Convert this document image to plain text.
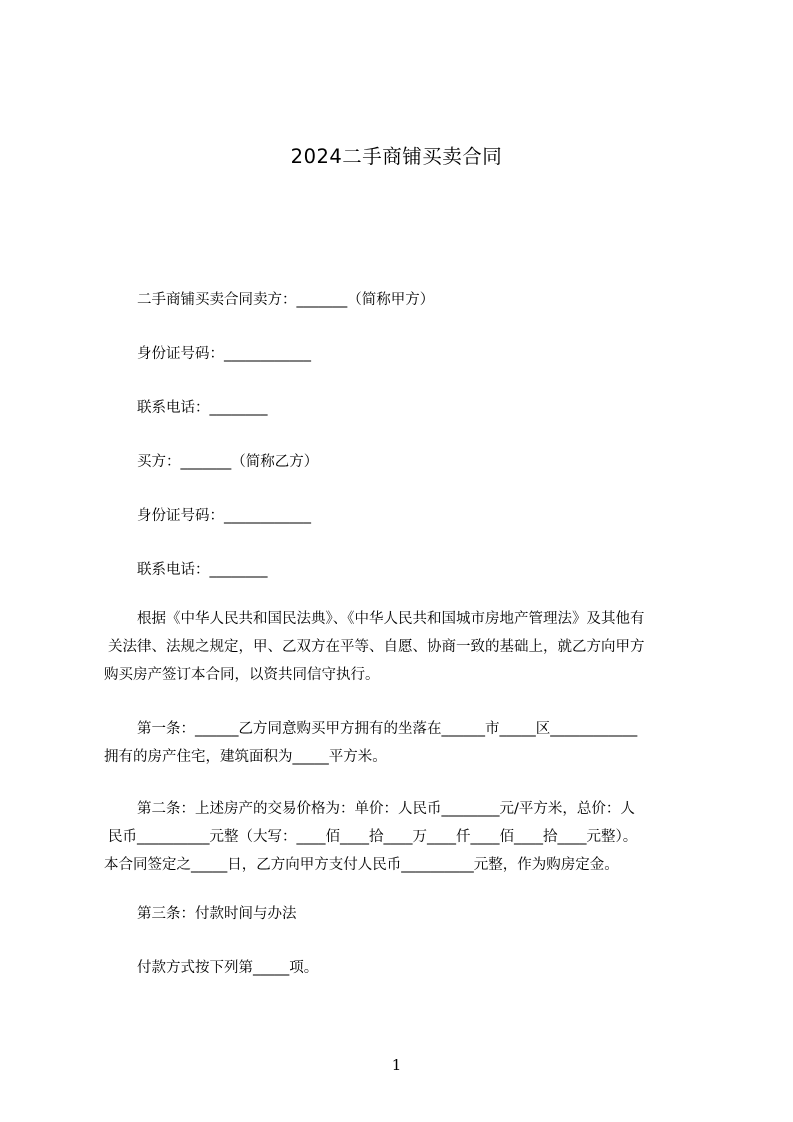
2024二手商铺买卖合同
二手商铺买卖合同卖方：_______（简称甲方）
身份证号码：____________
联系电话：________
买方：_______（简称乙方）
身份证号码：____________
联系电话：________
根据《中华人民共和国民法典》、《中华人民共和国城市房地产管理法》及其他有
关法律、法规之规定，甲、乙双方在平等、自愿、协商一致的基础上，就乙方向甲方
购买房产签订本合同，以资共同信守执行。
第一条：______乙方同意购买甲方拥有的坐落在______市_____区____________
拥有的房产住宅，建筑面积为_____平方米。
第二条：上述房产的交易价格为：单价：人民币________元/平方米，总价：人
民币__________元整（大写：____佰____拾____万____仟____佰____拾____元整）。
本合同签定之_____日，乙方向甲方支付人民币__________元整，作为购房定金。
第三条：付款时间与办法
付款方式按下列第_____项。
1
